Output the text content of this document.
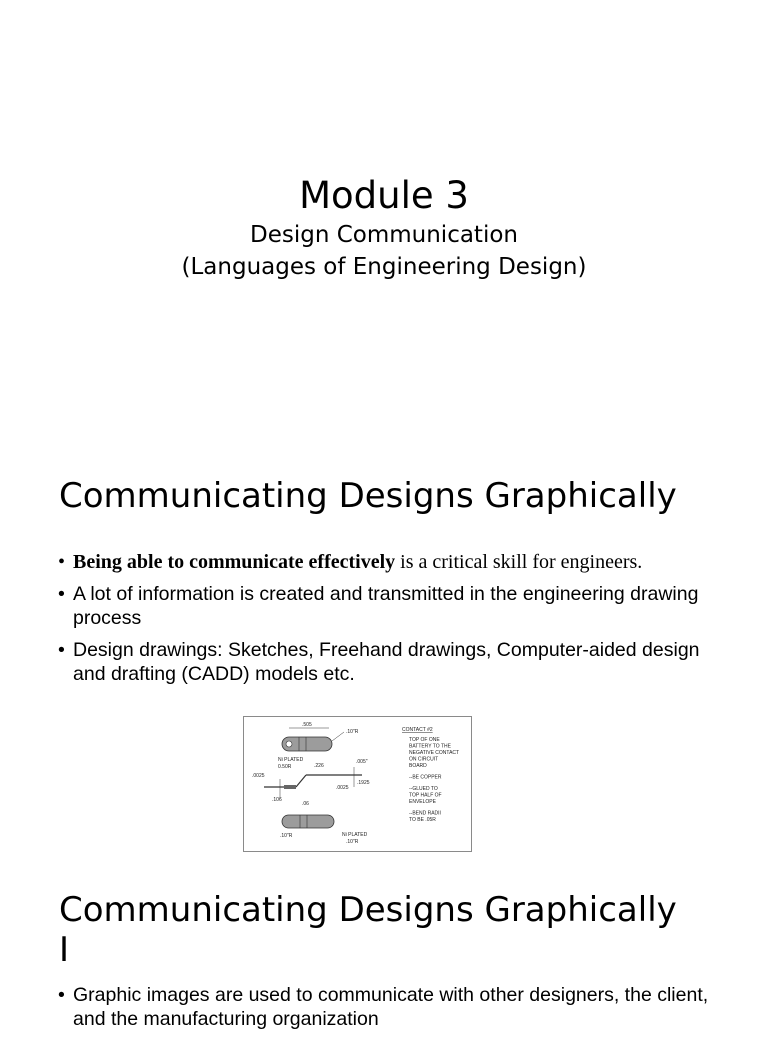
Module 3
Design Communication
(Languages of Engineering Design)
Communicating Designs Graphically
• Being able to communicate effectively is a critical skill for engineers.
• A lot of information is created and transmitted in the engineering drawing process
• Design drawings: Sketches, Freehand drawings, Computer-aided design and drafting (CADD) models etc.
.505
.10"R
Ni PLATED
0.50R	.226
.005"
.1925
.0025
.0025
.106
.06
.10"R	Ni PLATED
.10"R
CONTACT #2
TOP OF ONE
BATTERY TO THE
NEGATIVE CONTACT
ON CIRCUIT
BOARD
--BE COPPER
--GLUED TO
TOP HALF OF
ENVELOPE
--BEND RADII
TO BE .05R
Communicating Designs Graphically
I
• Graphic images are used to communicate with other designers, the client, and the manufacturing organization
